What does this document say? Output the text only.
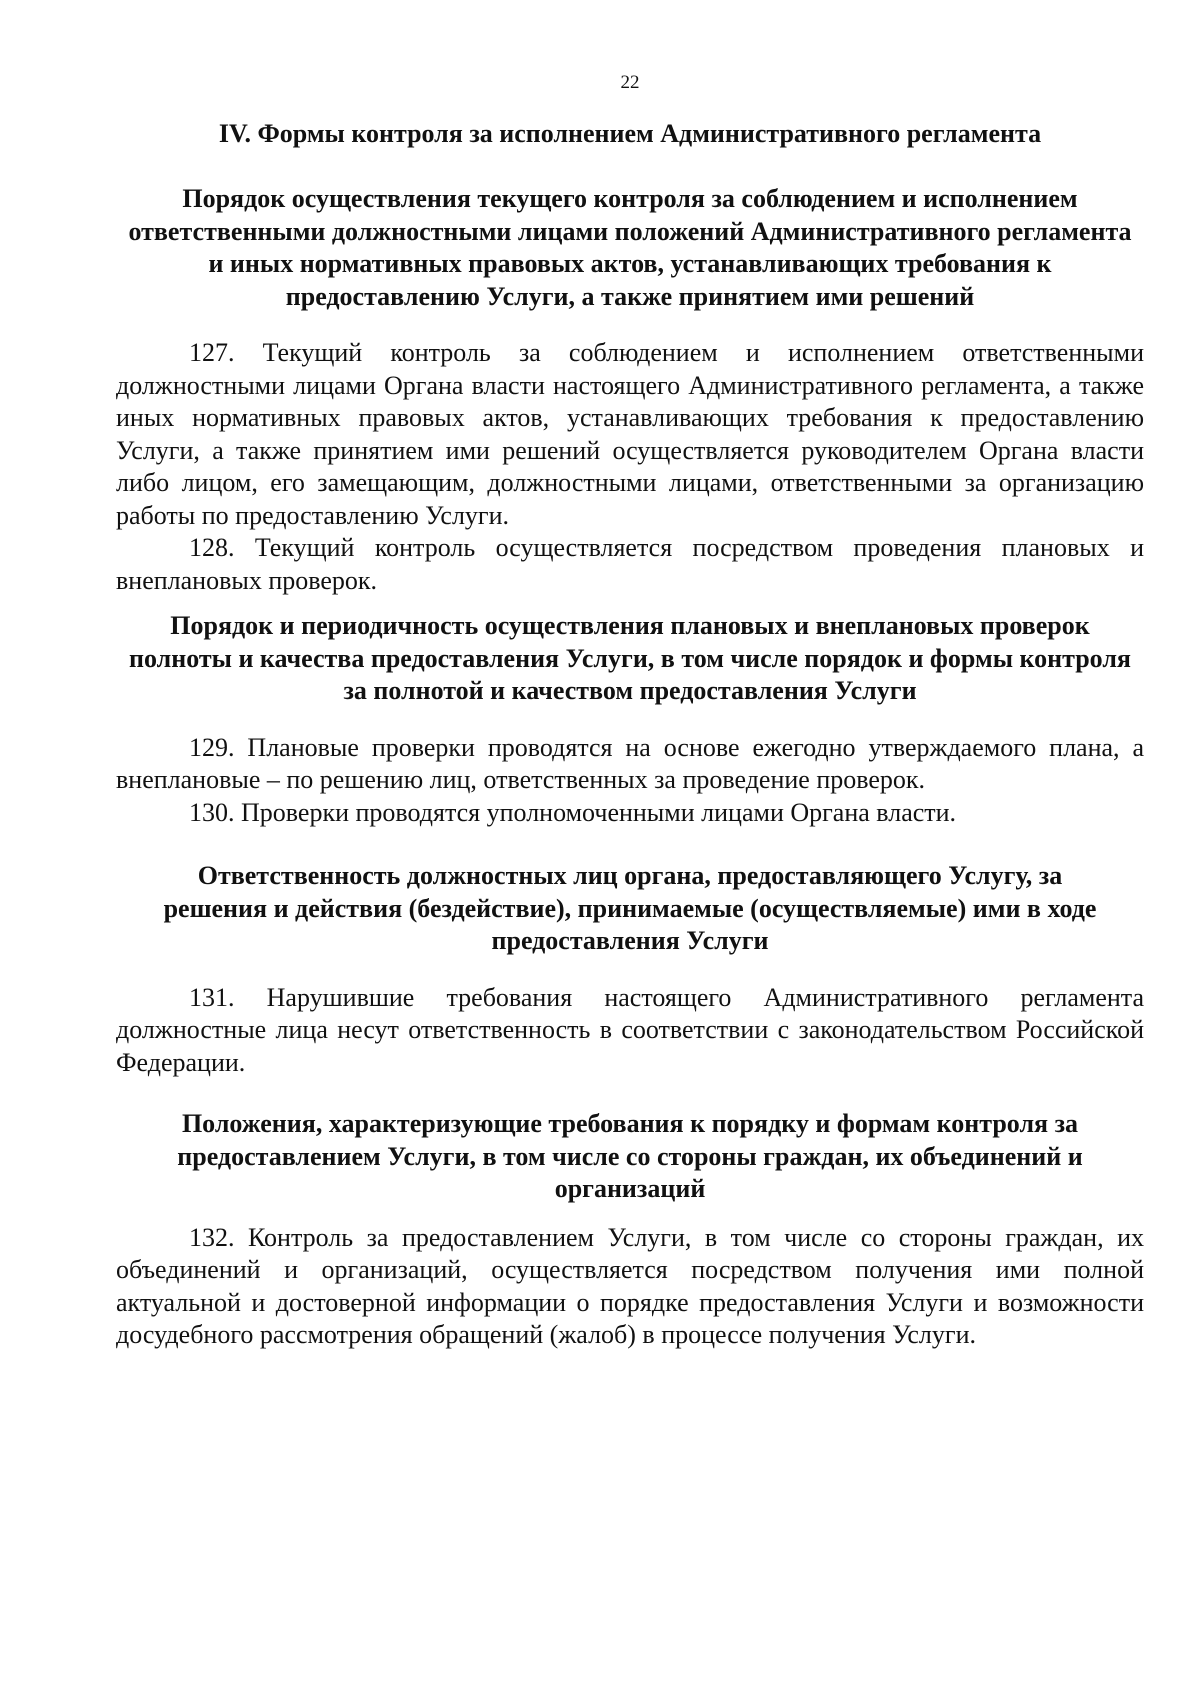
22
IV. Формы контроля за исполнением Административного регламента
Порядок осуществления текущего контроля за соблюдением и исполнением ответственными должностными лицами положений Административного регламента и иных нормативных правовых актов, устанавливающих требования к предоставлению Услуги, а также принятием ими решений

127. Текущий контроль за соблюдением и исполнением ответственными должностными лицами Органа власти настоящего Административного регламента, а также иных нормативных правовых актов, устанавливающих требования к предоставлению Услуги, а также принятием ими решений осуществляется руководителем Органа власти либо лицом, его замещающим, должностными лицами, ответственными за организацию работы по предоставлению Услуги.

128. Текущий контроль осуществляется посредством проведения плановых и внеплановых проверок.

Порядок и периодичность осуществления плановых и внеплановых проверок полноты и качества предоставления Услуги, в том числе порядок и формы контроля за полнотой и качеством предоставления Услуги

129. Плановые проверки проводятся на основе ежегодно утверждаемого плана, а внеплановые – по решению лиц, ответственных за проведение проверок.

130. Проверки проводятся уполномоченными лицами Органа власти.

Ответственность должностных лиц органа, предоставляющего Услугу, за решения и действия (бездействие), принимаемые (осуществляемые) ими в ходе предоставления Услуги

131. Нарушившие требования настоящего Административного регламента должностные лица несут ответственность в соответствии с законодательством Российской Федерации.

Положения, характеризующие требования к порядку и формам контроля за предоставлением Услуги, в том числе со стороны граждан, их объединений и организаций

132. Контроль за предоставлением Услуги, в том числе со стороны граждан, их объединений и организаций, осуществляется посредством получения ими полной актуальной и достоверной информации о порядке предоставления Услуги и возможности досудебного рассмотрения обращений (жалоб) в процессе получения Услуги.
